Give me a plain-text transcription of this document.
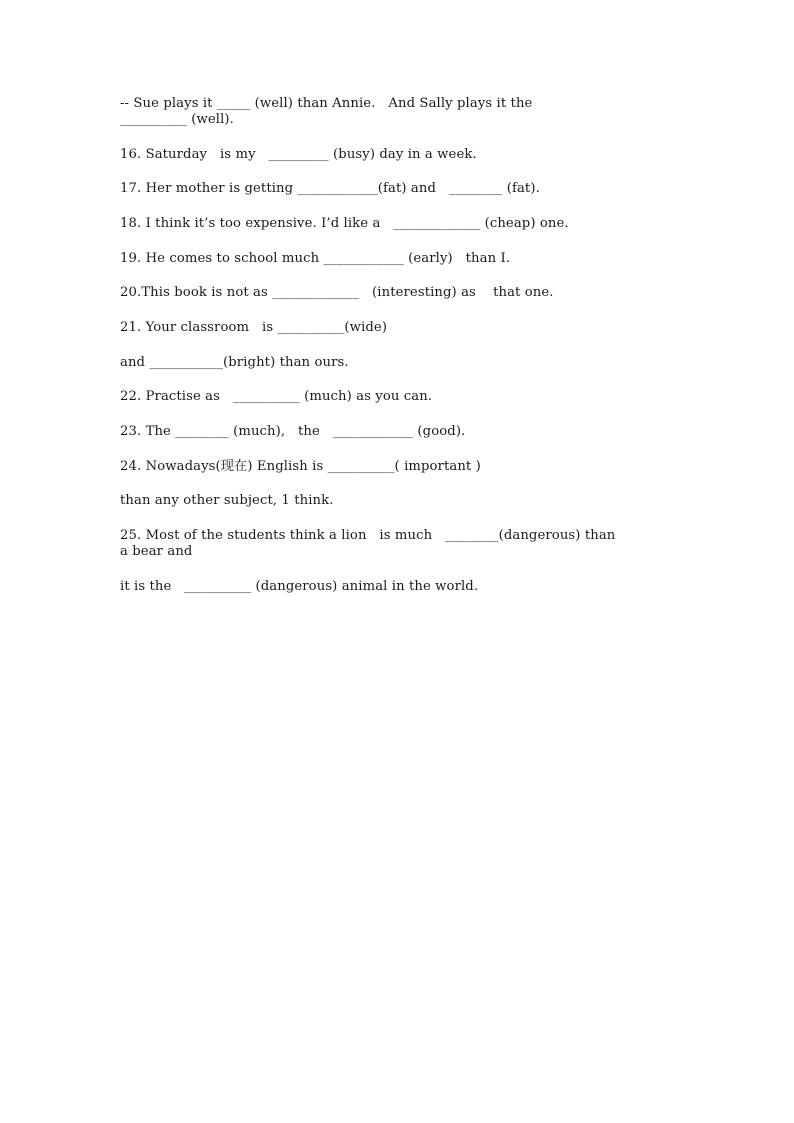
-- Sue plays it _____ (well) than Annie.   And Sally plays it the

__________ (well).

16. Saturday   is my   _________ (busy) day in a week.

17. Her mother is getting ____________(fat) and   ________ (fat).

18. I think it’s too expensive. I’d like a   _____________ (cheap) one.

19. He comes to school much ____________ (early)   than I.

20.This book is not as _____________   (interesting) as    that one.

21. Your classroom   is __________(wide)

and ___________(bright) than ours.

22. Practise as   __________ (much) as you can.

23. The ________ (much),   the   ____________ (good).

24. Nowadays(现在) English is __________( important )

than any other subject, 1 think.

25. Most of the students think a lion   is much   ________(dangerous) than

a bear and

it is the   __________ (dangerous) animal in the world.
